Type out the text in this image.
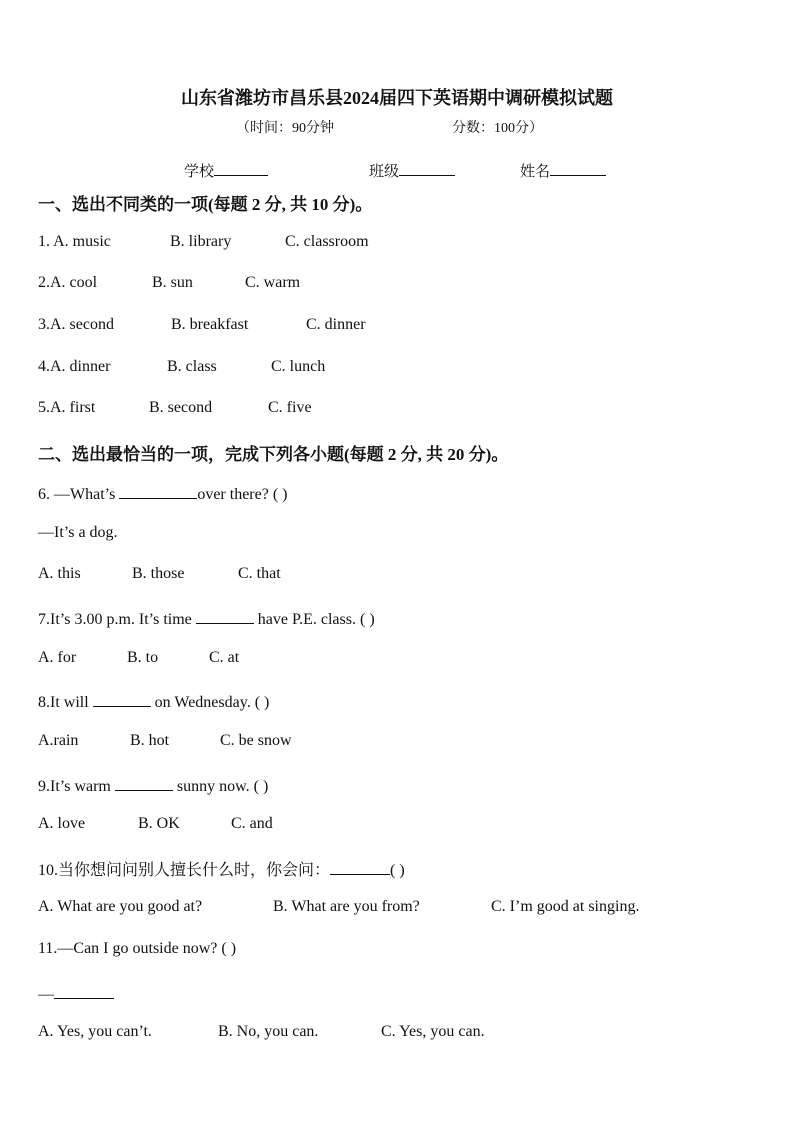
山东省潍坊市昌乐县2024届四下英语期中调研模拟试题
（时间：90分钟	分数：100分）
学校	班级	姓名
一、选出不同类的一项(每题 2 分, 共 10 分)。
1. A. music	B. library	C. classroom
2.A. cool	B. sun	C. warm
3.A. second	B. breakfast	C. dinner
4.A. dinner	B. class	C. lunch
5.A. first	B. second	C. five
二、选出最恰当的一项，完成下列各小题(每题 2 分, 共 20 分)。
6. —What’s	over there? ( )
—It’s a dog.
A. this	B. those	C. that
7.It’s 3.00 p.m. It’s time	have P.E. class. ( )
A. for	B. to	C. at
8.It will	on Wednesday. ( )
A.rain	B. hot	C. be snow
9.It’s warm	sunny now. ( )
A. love	B. OK	C. and
10.当你想问问别人擅长什么时，你会问：	( )
A. What are you good at?	B. What are you from?	C. I’m good at singing.
11.—Can I go outside now? ( )
—
A. Yes, you can’t.	B. No, you can.	C. Yes, you can.
